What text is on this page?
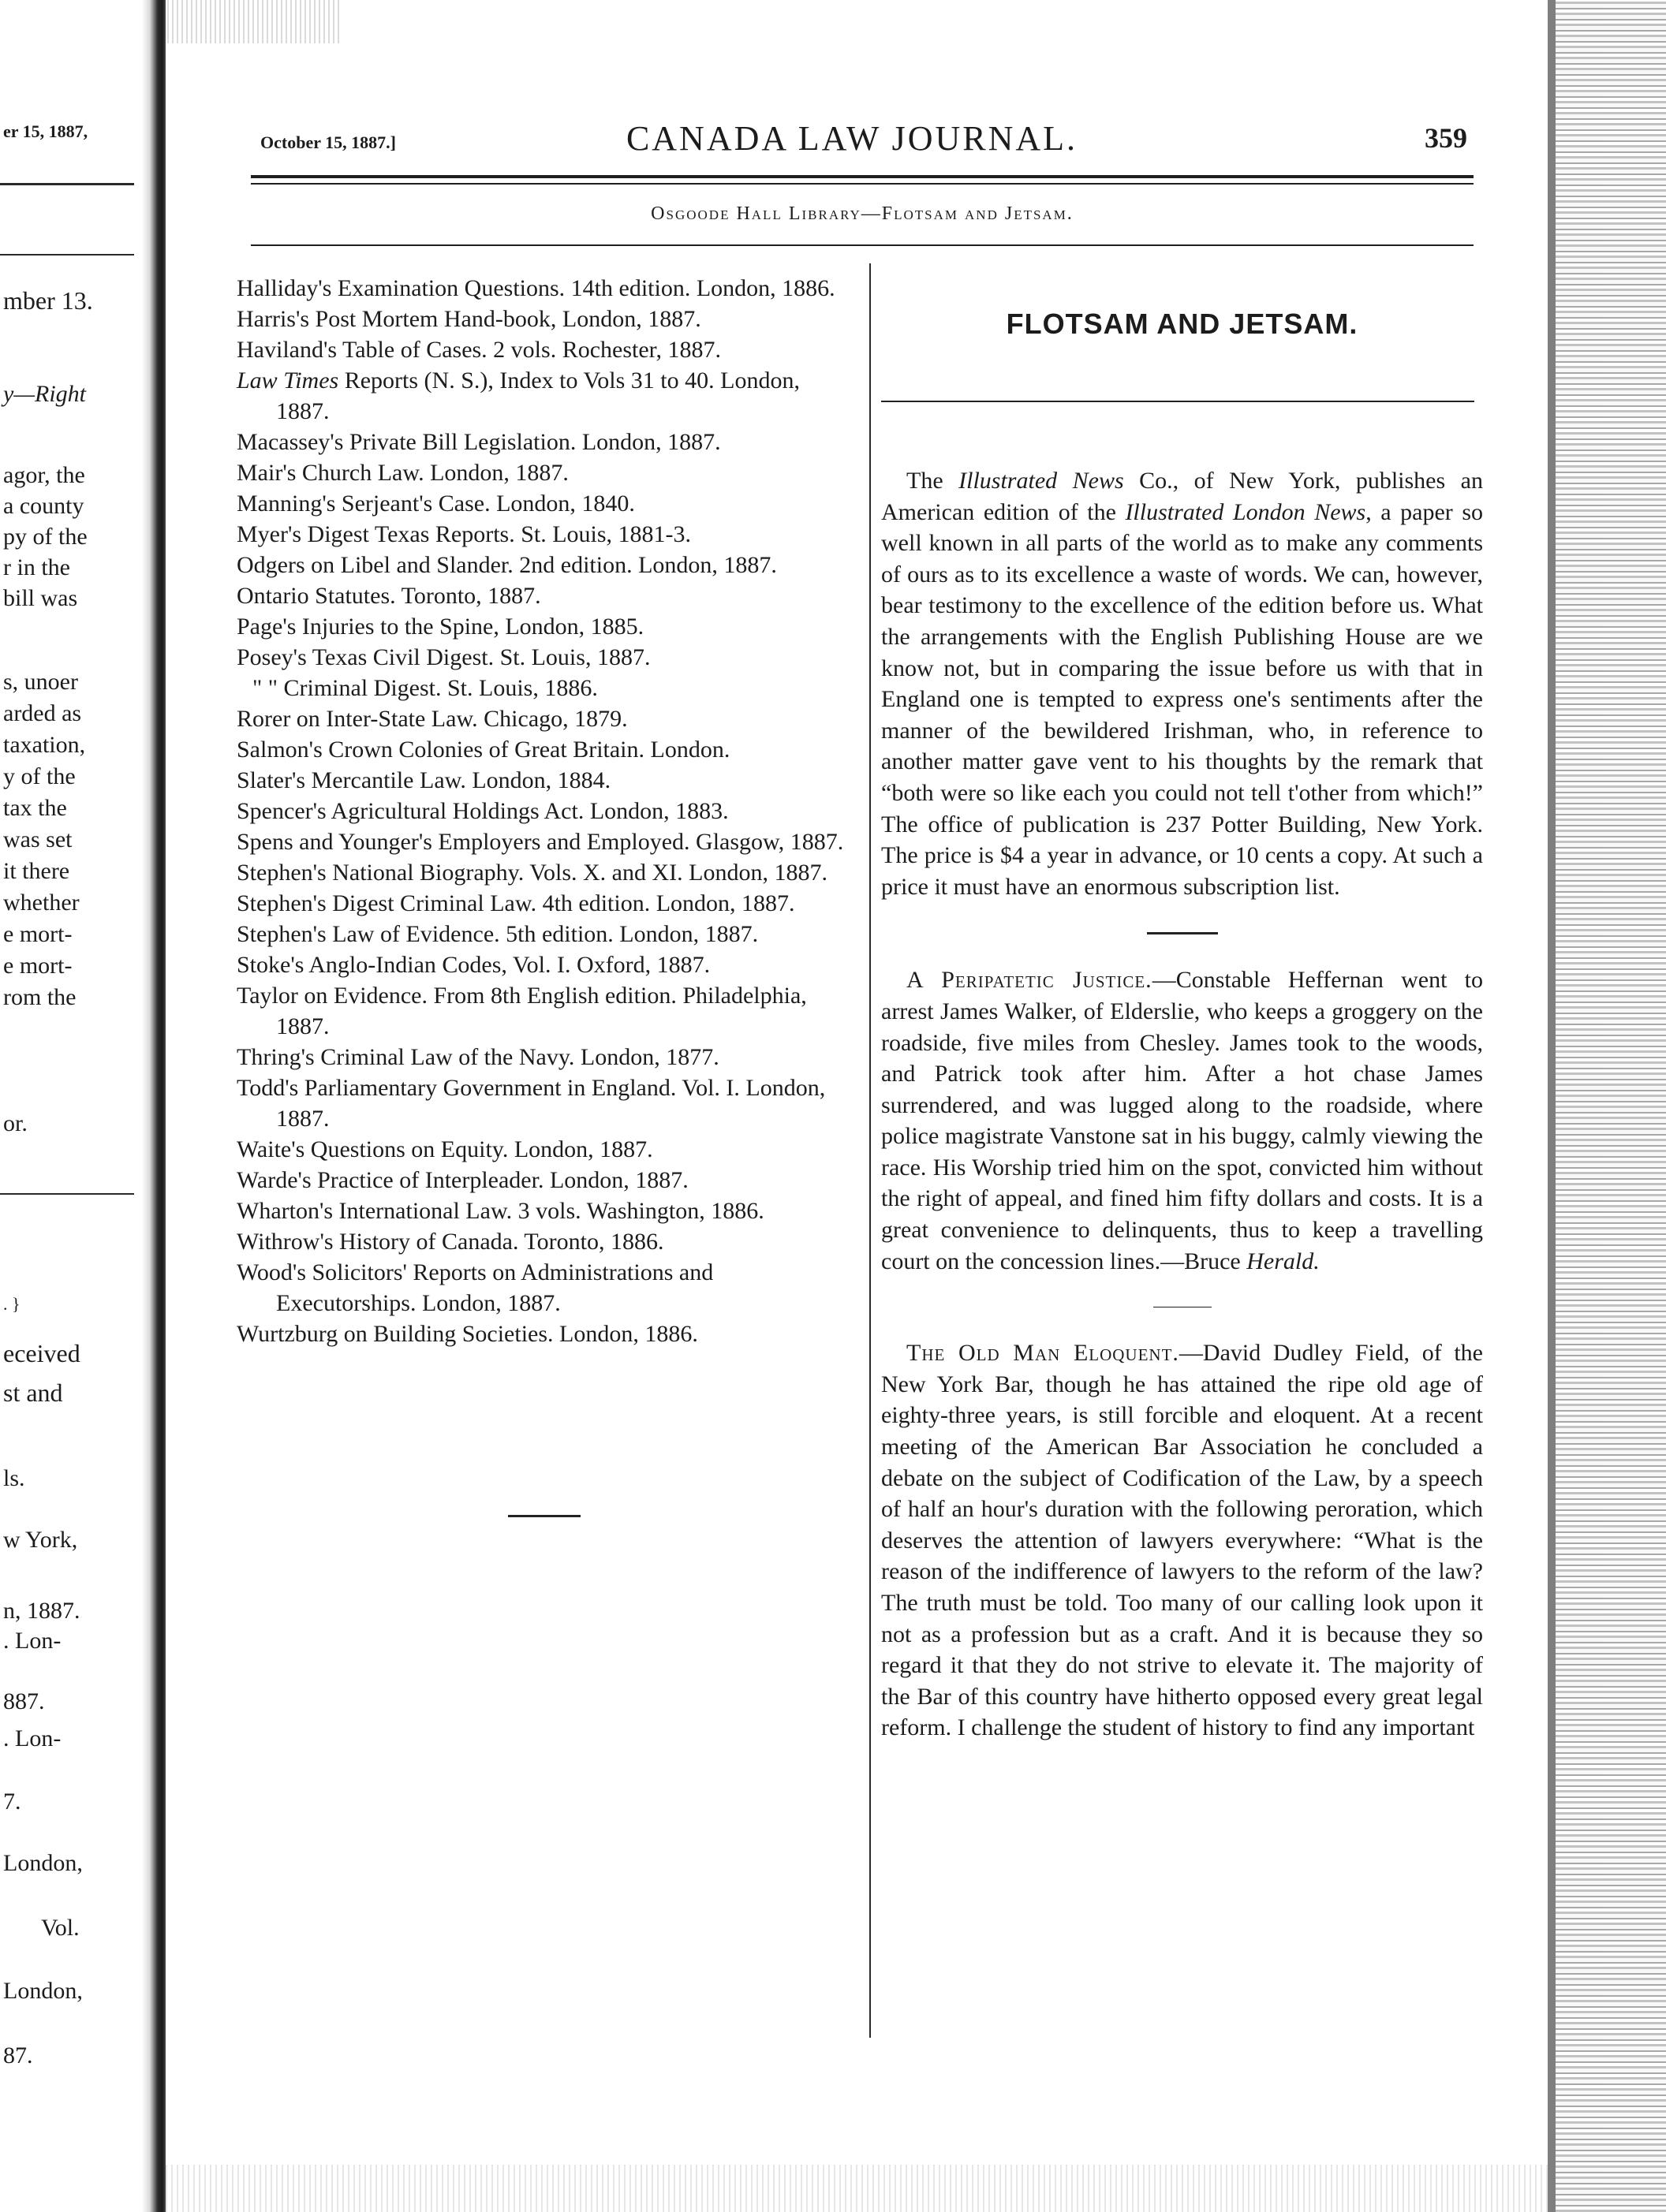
er 15, 1887,
mber 13.
y—Right
agor, the
a county
py of the
r in the
bill was
s, unoer
arded as
taxation,
y of the
tax the
was set
it there
whether
e mort-
e mort-
rom the
or.
. }
eceived
st and
ls.
w York,
n, 1887.
. Lon-
887.
. Lon-
7.
London,
Vol.
London,
87.
October 15, 1887.]	CANADA LAW JOURNAL.	359
Osgoode Hall Library—Flotsam and Jetsam.
Halliday's Examination Questions. 14th edition. London, 1886.
Harris's Post Mortem Hand-book, London, 1887.
Haviland's Table of Cases. 2 vols. Rochester, 1887.
Law Times Reports (N. S.), Index to Vols 31 to 40. London, 1887.
Macassey's Private Bill Legislation. London, 1887.
Mair's Church Law. London, 1887.
Manning's Serjeant's Case. London, 1840.
Myer's Digest Texas Reports. St. Louis, 1881-3.
Odgers on Libel and Slander. 2nd edition. London, 1887.
Ontario Statutes. Toronto, 1887.
Page's Injuries to the Spine, London, 1885.
Posey's Texas Civil Digest. St. Louis, 1887.
" " Criminal Digest. St. Louis, 1886.
Rorer on Inter-State Law. Chicago, 1879.
Salmon's Crown Colonies of Great Britain. London.
Slater's Mercantile Law. London, 1884.
Spencer's Agricultural Holdings Act. London, 1883.
Spens and Younger's Employers and Employed. Glasgow, 1887.
Stephen's National Biography. Vols. X. and XI. London, 1887.
Stephen's Digest Criminal Law. 4th edition. London, 1887.
Stephen's Law of Evidence. 5th edition. London, 1887.
Stoke's Anglo-Indian Codes, Vol. I. Oxford, 1887.
Taylor on Evidence. From 8th English edition. Philadelphia, 1887.
Thring's Criminal Law of the Navy. London, 1877.
Todd's Parliamentary Government in England. Vol. I. London, 1887.
Waite's Questions on Equity. London, 1887.
Warde's Practice of Interpleader. London, 1887.
Wharton's International Law. 3 vols. Washington, 1886.
Withrow's History of Canada. Toronto, 1886.
Wood's Solicitors' Reports on Administrations and Executorships. London, 1887.
Wurtzburg on Building Societies. London, 1886.
FLOTSAM AND JETSAM.

The Illustrated News Co., of New York, publishes an American edition of the Illustrated London News, a paper so well known in all parts of the world as to make any comments of ours as to its excellence a waste of words. We can, however, bear testimony to the excellence of the edition before us. What the arrangements with the English Publishing House are we know not, but in comparing the issue before us with that in England one is tempted to express one's sentiments after the manner of the bewildered Irishman, who, in reference to another matter gave vent to his thoughts by the remark that “both were so like each you could not tell t'other from which!” The office of publication is 237 Potter Building, New York. The price is $4 a year in advance, or 10 cents a copy. At such a price it must have an enormous subscription list.

A Peripatetic Justice.—Constable Heffernan went to arrest James Walker, of Elderslie, who keeps a groggery on the roadside, five miles from Chesley. James took to the woods, and Patrick took after him. After a hot chase James surrendered, and was lugged along to the roadside, where police magistrate Vanstone sat in his buggy, calmly viewing the race. His Worship tried him on the spot, convicted him without the right of appeal, and fined him fifty dollars and costs. It is a great convenience to delinquents, thus to keep a travelling court on the concession lines.—Bruce Herald.

The Old Man Eloquent.—David Dudley Field, of the New York Bar, though he has attained the ripe old age of eighty-three years, is still forcible and eloquent. At a recent meeting of the American Bar Association he concluded a debate on the subject of Codification of the Law, by a speech of half an hour's duration with the following peroration, which deserves the attention of lawyers everywhere: “What is the reason of the indifference of lawyers to the reform of the law? The truth must be told. Too many of our calling look upon it not as a profession but as a craft. And it is because they so regard it that they do not strive to elevate it. The majority of the Bar of this country have hitherto opposed every great legal reform. I challenge the student of history to find any important
